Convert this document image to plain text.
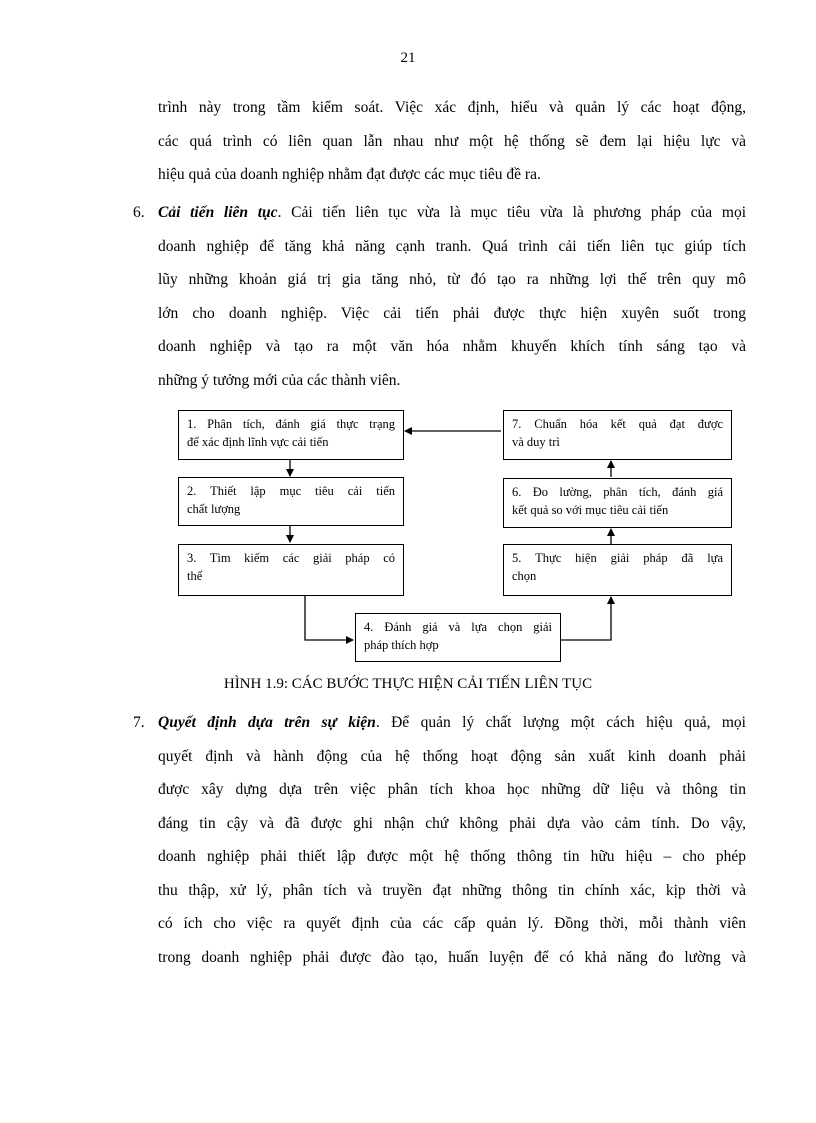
21
trình này trong tầm kiểm soát. Việc xác định, hiểu và quản lý các hoạt động,
các quá trình có liên quan lẫn nhau như một hệ thống sẽ đem lại hiệu lực và
hiệu quả của doanh nghiệp nhằm đạt được các mục tiêu đề ra.
6. Cải tiến liên tục. Cải tiến liên tục vừa là mục tiêu vừa là phương pháp của mọi
doanh nghiệp để tăng khả năng cạnh tranh. Quá trình cải tiến liên tục giúp tích
lũy những khoản giá trị gia tăng nhỏ, từ đó tạo ra những lợi thế trên quy mô
lớn cho doanh nghiệp. Việc cải tiến phải được thực hiện xuyên suốt trong
doanh nghiệp và tạo ra một văn hóa nhằm khuyến khích tính sáng tạo và
những ý tưởng mới của các thành viên.
1. Phân tích, đánh giá thực trạng
để xác định lĩnh vực cải tiến
2. Thiết lập mục tiêu cải tiến
chất lượng
3. Tìm kiếm các giải pháp có
thể
4. Đánh giá và lựa chọn giải
pháp thích hợp
5. Thực hiện giải pháp đã lựa
chọn
6. Đo lường, phân tích, đánh giá
kết quả so với mục tiêu cải tiến
7. Chuẩn hóa kết quả đạt được
và duy trì
HÌNH 1.9: CÁC BƯỚC THỰC HIỆN CẢI TIẾN LIÊN TỤC
7. Quyết định dựa trên sự kiện. Để quản lý chất lượng một cách hiệu quả, mọi
quyết định và hành động của hệ thống hoạt động sản xuất kinh doanh phải
được xây dựng dựa trên việc phân tích khoa học những dữ liệu và thông tin
đáng tin cậy và đã được ghi nhận chứ không phải dựa vào cảm tính. Do vậy,
doanh nghiệp phải thiết lập được một hệ thống thông tin hữu hiệu – cho phép
thu thập, xử lý, phân tích và truyền đạt những thông tin chính xác, kịp thời và
có ích cho việc ra quyết định của các cấp quản lý. Đồng thời, mỗi thành viên
trong doanh nghiệp phải được đào tạo, huấn luyện để có khả năng đo lường và
